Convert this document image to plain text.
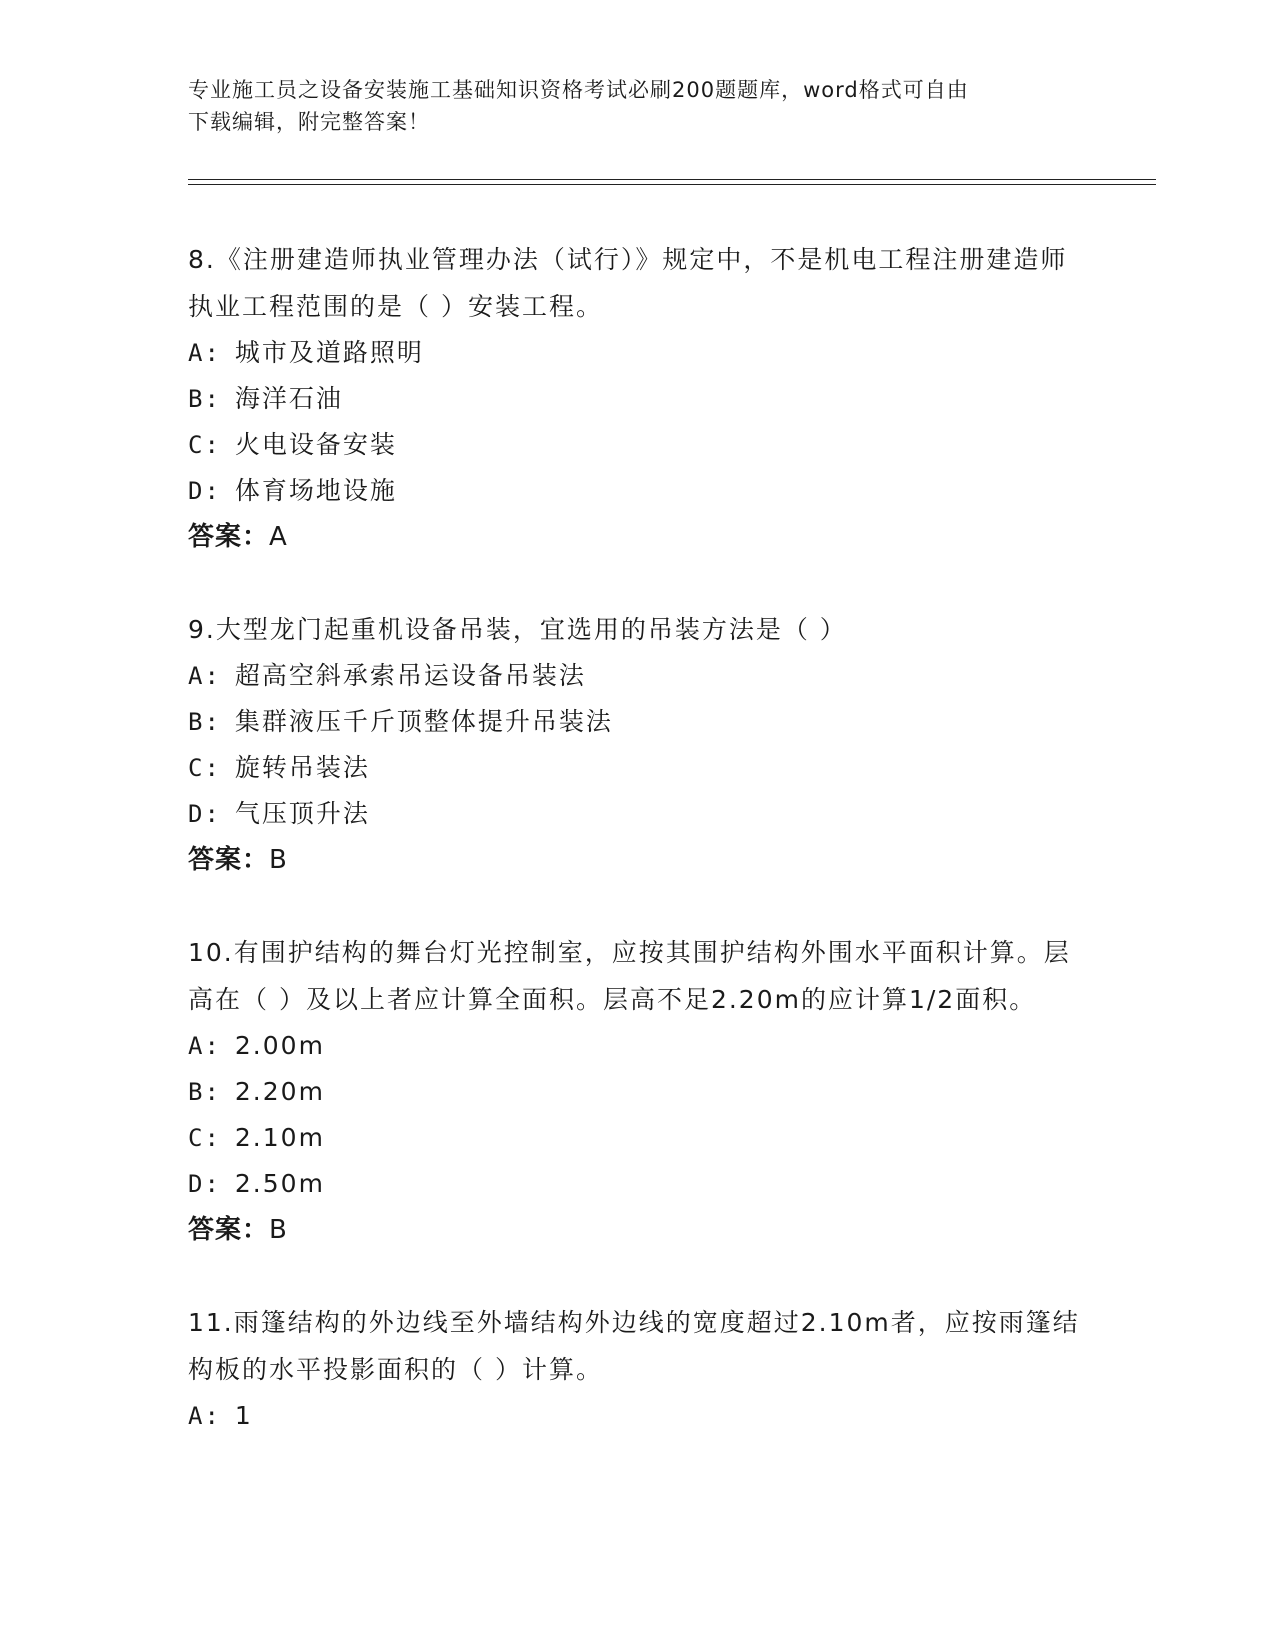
专业施工员之设备安装施工基础知识资格考试必刷200题题库，word格式可自由
下载编辑，附完整答案！

8.《注册建造师执业管理办法（试行）》规定中，不是机电工程注册建造师执业工程范围的是（ ）安装工程。

A: 城市及道路照明

B: 海洋石油

C: 火电设备安装

D: 体育场地设施

答案：A

9.大型龙门起重机设备吊装，宜选用的吊装方法是（ ）

A: 超高空斜承索吊运设备吊装法

B: 集群液压千斤顶整体提升吊装法

C: 旋转吊装法

D: 气压顶升法

答案：B

10.有围护结构的舞台灯光控制室，应按其围护结构外围水平面积计算。层高在（ ）及以上者应计算全面积。层高不足2.20m的应计算1/2面积。

A: 2.00m

B: 2.20m

C: 2.10m

D: 2.50m

答案：B

11.雨篷结构的外边线至外墙结构外边线的宽度超过2.10m者，应按雨篷结构板的水平投影面积的（ ）计算。

A: 1
